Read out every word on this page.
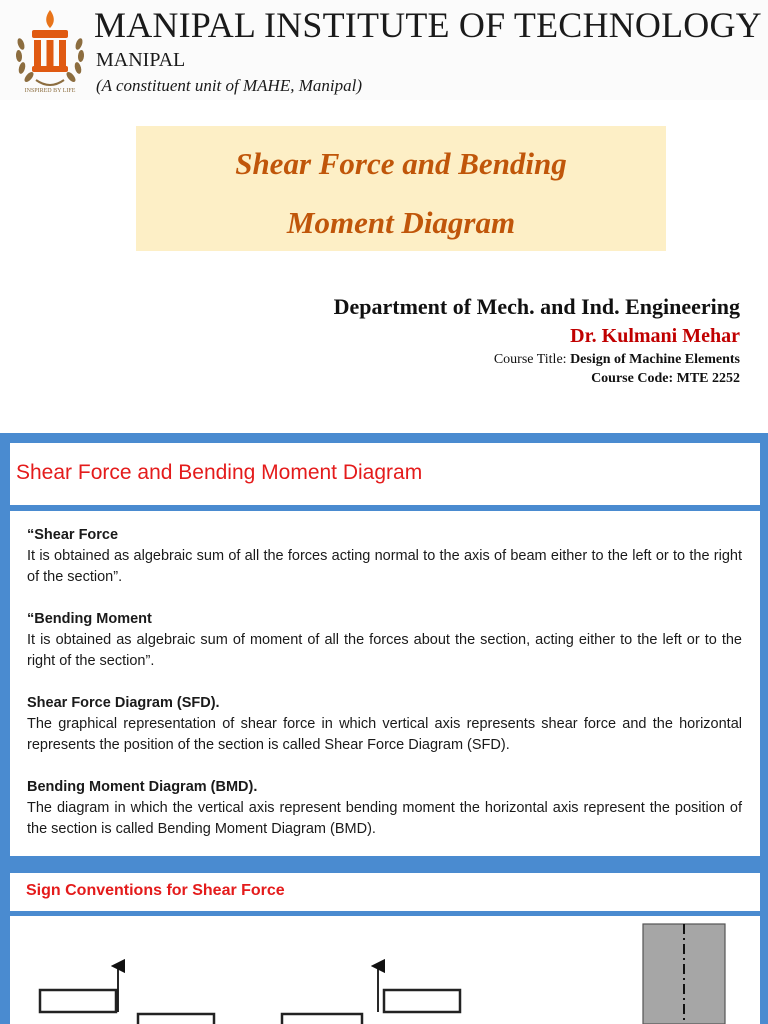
INSPIRED BY LIFE
MANIPAL INSTITUTE OF TECHNOLOGY
MANIPAL
(A constituent unit of MAHE, Manipal)
Shear Force and Bending
Moment Diagram
Department of Mech. and Ind. Engineering
Dr. Kulmani Mehar
Course Title: Design of Machine Elements
Course Code: MTE 2252
Shear Force and Bending Moment Diagram
“Shear Force
It is obtained as algebraic sum of all the forces acting normal to the axis of beam either to the left or to the right of the section”.
“Bending Moment
It is obtained as algebraic sum of moment of all the forces about the section, acting either to the left or to the right of the section”.
Shear Force Diagram (SFD).
The graphical representation of shear force in which vertical axis represents shear force and the horizontal represents the position of the section is called Shear Force Diagram (SFD).
Bending Moment Diagram (BMD).
The diagram in which the vertical axis represent bending moment the horizontal axis represent the position of the section is called Bending Moment Diagram (BMD).
Sign Conventions for Shear Force
